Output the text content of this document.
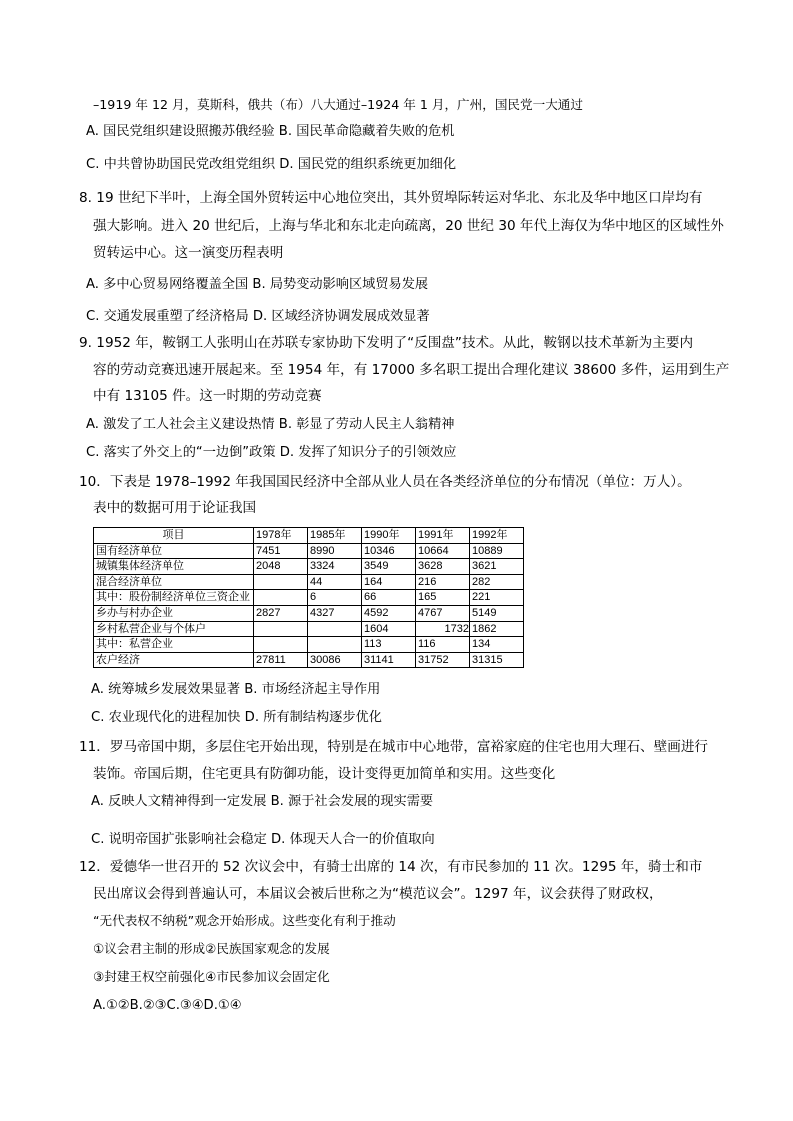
–1919 年 12 月，莫斯科，俄共（布）八大通过–1924 年 1 月，广州，国民党一大通过
A. 国民党组织建设照搬苏俄经验 B. 国民革命隐藏着失败的危机
C. 中共曾协助国民党改组党组织 D. 国民党的组织系统更加细化
8. 19 世纪下半叶，上海全国外贸转运中心地位突出，其外贸埠际转运对华北、东北及华中地区口岸均有
强大影响。进入 20 世纪后，上海与华北和东北走向疏离，20 世纪 30 年代上海仅为华中地区的区域性外
贸转运中心。这一演变历程表明
A. 多中心贸易网络覆盖全国 B. 局势变动影响区域贸易发展
C. 交通发展重塑了经济格局 D. 区域经济协调发展成效显著
9. 1952 年，鞍钢工人张明山在苏联专家协助下发明了“反围盘”技术。从此，鞍钢以技术革新为主要内
容的劳动竞赛迅速开展起来。至 1954 年，有 17000 多名职工提出合理化建议 38600 多件，运用到生产
中有 13105 件。这一时期的劳动竞赛
A. 激发了工人社会主义建设热情 B. 彰显了劳动人民主人翁精神
C. 落实了外交上的“一边倒”政策 D. 发挥了知识分子的引领效应
10．下表是 1978–1992 年我国国民经济中全部从业人员在各类经济单位的分布情况（单位：万人）。
表中的数据可用于论证我国
项目	1978年	1985年	1990年	1991年	1992年
国有经济单位	7451	8990	10346	10664	10889
城镇集体经济单位	2048	3324	3549	3628	3621
混合经济单位		44	164	216	282
其中：股份制经济单位三资企业		6	66	165	221
乡办与村办企业	2827	4327	4592	4767	5149
乡村私营企业与个体户			1604	1732	1862
其中：私营企业			113	116	134
农户经济	27811	30086	31141	31752	31315
A. 统筹城乡发展效果显著 B. 市场经济起主导作用
C. 农业现代化的进程加快 D. 所有制结构逐步优化
11．罗马帝国中期，多层住宅开始出现，特别是在城市中心地带，富裕家庭的住宅也用大理石、壁画进行
装饰。帝国后期，住宅更具有防御功能，设计变得更加简单和实用。这些变化
A. 反映人文精神得到一定发展 B. 源于社会发展的现实需要
C. 说明帝国扩张影响社会稳定 D. 体现天人合一的价值取向
12．爱德华一世召开的 52 次议会中，有骑士出席的 14 次，有市民参加的 11 次。1295 年，骑士和市
民出席议会得到普遍认可，本届议会被后世称之为“模范议会”。1297 年，议会获得了财政权，
“无代表权不纳税”观念开始形成。这些变化有利于推动
①议会君主制的形成②民族国家观念的发展
③封建王权空前强化④市民参加议会固定化
A.①②B.②③C.③④D.①④
